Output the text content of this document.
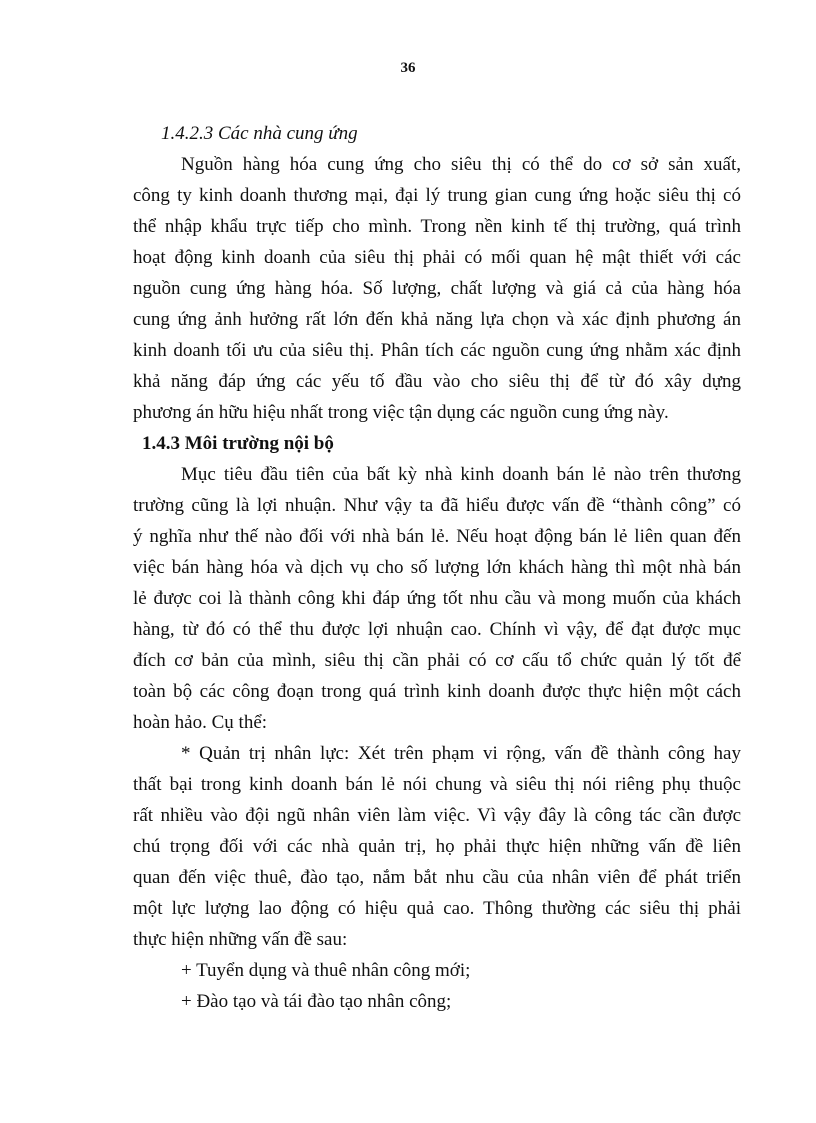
36
1.4.2.3 Các nhà cung ứng
Nguồn hàng hóa cung ứng cho siêu thị có thể do cơ sở sản xuất,
công ty kinh doanh thương mại, đại lý trung gian cung ứng hoặc siêu thị có
thể nhập khẩu trực tiếp cho mình. Trong nền kinh tế thị trường, quá trình
hoạt động kinh doanh của siêu thị phải có mối quan hệ mật thiết với các
nguồn cung ứng hàng hóa. Số lượng, chất lượng và giá cả của hàng hóa
cung ứng ảnh hưởng rất lớn đến khả năng lựa chọn và xác định phương án
kinh doanh tối ưu của siêu thị. Phân tích các nguồn cung ứng nhằm xác định
khả năng đáp ứng các yếu tố đầu vào cho siêu thị để từ đó xây dựng
phương án hữu hiệu nhất trong việc tận dụng các nguồn cung ứng này.
1.4.3 Môi trường nội bộ
Mục tiêu đầu tiên của bất kỳ nhà kinh doanh bán lẻ nào trên thương
trường cũng là lợi nhuận. Như vậy ta đã hiểu được vấn đề “thành công” có
ý nghĩa như thế nào đối với nhà bán lẻ. Nếu hoạt động bán lẻ liên quan đến
việc bán hàng hóa và dịch vụ cho số lượng lớn khách hàng thì một nhà bán
lẻ được coi là thành công khi đáp ứng tốt nhu cầu và mong muốn của khách
hàng, từ đó có thể thu được lợi nhuận cao. Chính vì vậy, để đạt được mục
đích cơ bản của mình, siêu thị cần phải có cơ cấu tổ chức quản lý tốt để
toàn bộ các công đoạn trong quá trình kinh doanh được thực hiện một cách
hoàn hảo. Cụ thể:
* Quản trị nhân lực: Xét trên phạm vi rộng, vấn đề thành công hay
thất bại trong kinh doanh bán lẻ nói chung và siêu thị nói riêng phụ thuộc
rất nhiều vào đội ngũ nhân viên làm việc. Vì vậy đây là công tác cần được
chú trọng đối với các nhà quản trị, họ phải thực hiện những vấn đề liên
quan đến việc thuê, đào tạo, nắm bắt nhu cầu của nhân viên để phát triển
một lực lượng lao động có hiệu quả cao. Thông thường các siêu thị phải
thực hiện những vấn đề sau:
+ Tuyển dụng và thuê nhân công mới;
+ Đào tạo và tái đào tạo nhân công;
